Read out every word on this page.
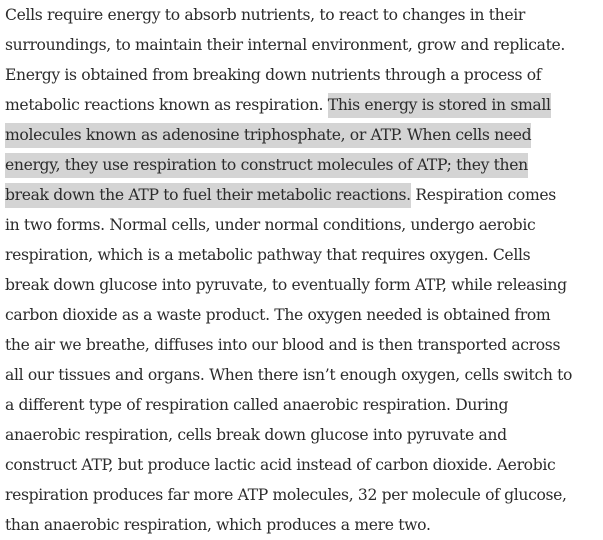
Cells require energy to absorb nutrients, to react to changes in their
surroundings, to maintain their internal environment, grow and replicate.
Energy is obtained from breaking down nutrients through a process of
metabolic reactions known as respiration. This energy is stored in small
molecules known as adenosine triphosphate, or ATP. When cells need
energy, they use respiration to construct molecules of ATP; they then
break down the ATP to fuel their metabolic reactions. Respiration comes
in two forms. Normal cells, under normal conditions, undergo aerobic
respiration, which is a metabolic pathway that requires oxygen. Cells
break down glucose into pyruvate, to eventually form ATP, while releasing
carbon dioxide as a waste product. The oxygen needed is obtained from
the air we breathe, diffuses into our blood and is then transported across
all our tissues and organs. When there isn’t enough oxygen, cells switch to
a different type of respiration called anaerobic respiration. During
anaerobic respiration, cells break down glucose into pyruvate and
construct ATP, but produce lactic acid instead of carbon dioxide. Aerobic
respiration produces far more ATP molecules, 32 per molecule of glucose,
than anaerobic respiration, which produces a mere two.
